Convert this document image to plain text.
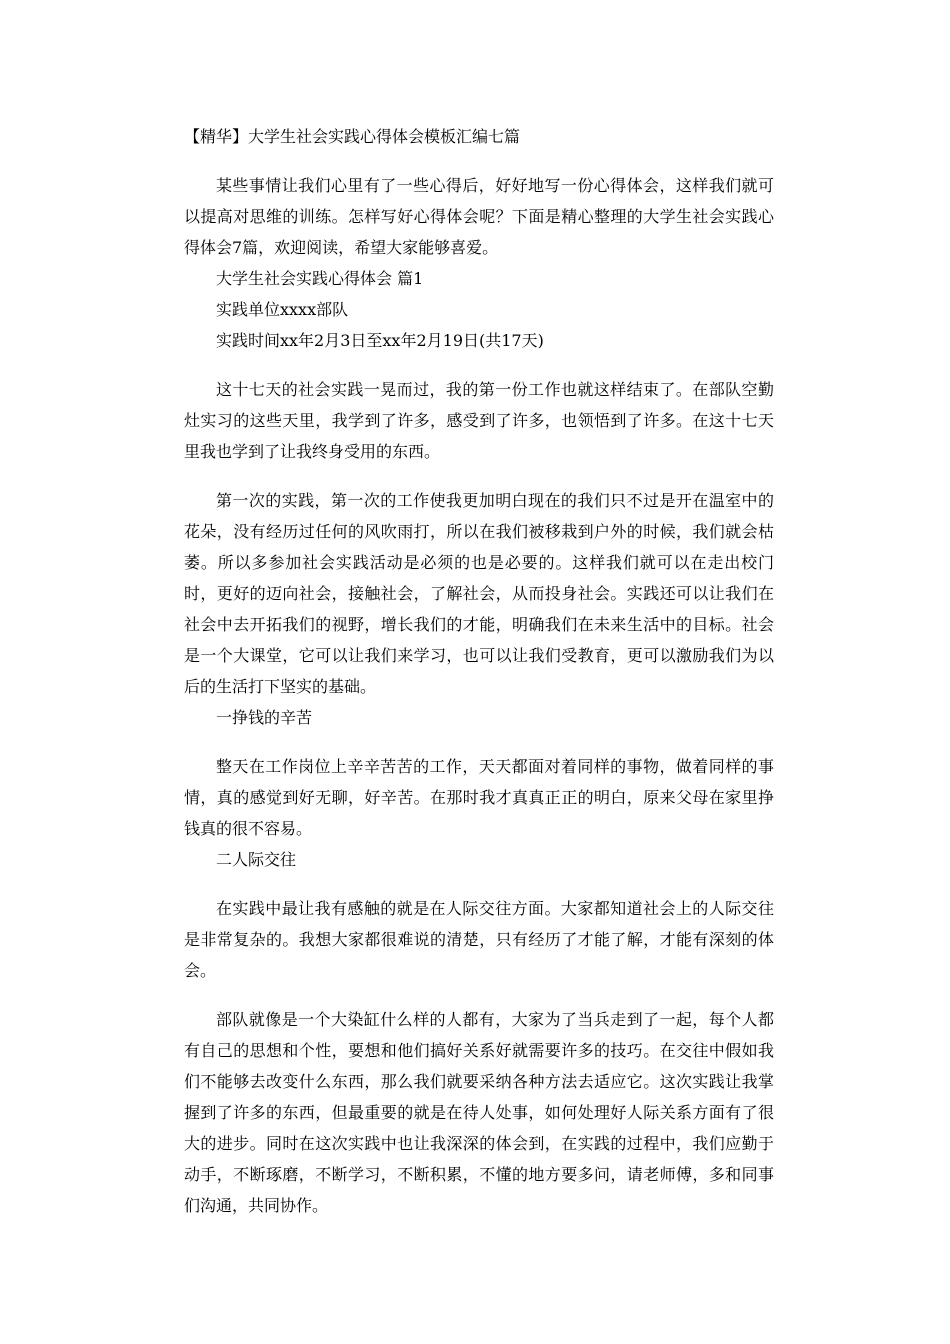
【精华】大学生社会实践心得体会模板汇编七篇

某些事情让我们心里有了一些心得后，好好地写一份心得体会，这样我们就可以提高对思维的训练。怎样写好心得体会呢？下面是精心整理的大学生社会实践心得体会7篇，欢迎阅读，希望大家能够喜爱。

大学生社会实践心得体会 篇1

实践单位xxxx部队

实践时间xx年2月3日至xx年2月19日(共17天)

这十七天的社会实践一晃而过，我的第一份工作也就这样结束了。在部队空勤灶实习的这些天里，我学到了许多，感受到了许多，也领悟到了许多。在这十七天里我也学到了让我终身受用的东西。

第一次的实践，第一次的工作使我更加明白现在的我们只不过是开在温室中的花朵，没有经历过任何的风吹雨打，所以在我们被移栽到户外的时候，我们就会枯萎。所以多参加社会实践活动是必须的也是必要的。这样我们就可以在走出校门时，更好的迈向社会，接触社会，了解社会，从而投身社会。实践还可以让我们在社会中去开拓我们的视野，增长我们的才能，明确我们在未来生活中的目标。社会是一个大课堂，它可以让我们来学习，也可以让我们受教育，更可以激励我们为以后的生活打下坚实的基础。

一挣钱的辛苦

整天在工作岗位上辛辛苦苦的工作，天天都面对着同样的事物，做着同样的事情，真的感觉到好无聊，好辛苦。在那时我才真真正正的明白，原来父母在家里挣钱真的很不容易。

二人际交往

在实践中最让我有感触的就是在人际交往方面。大家都知道社会上的人际交往是非常复杂的。我想大家都很难说的清楚，只有经历了才能了解，才能有深刻的体会。

部队就像是一个大染缸什么样的人都有，大家为了当兵走到了一起，每个人都有自己的思想和个性，要想和他们搞好关系好就需要许多的技巧。在交往中假如我们不能够去改变什么东西，那么我们就要采纳各种方法去适应它。这次实践让我掌握到了许多的东西，但最重要的就是在待人处事，如何处理好人际关系方面有了很大的进步。同时在这次实践中也让我深深的体会到，在实践的过程中，我们应勤于动手，不断琢磨，不断学习，不断积累，不懂的地方要多问，请老师傅，多和同事们沟通，共同协作。
